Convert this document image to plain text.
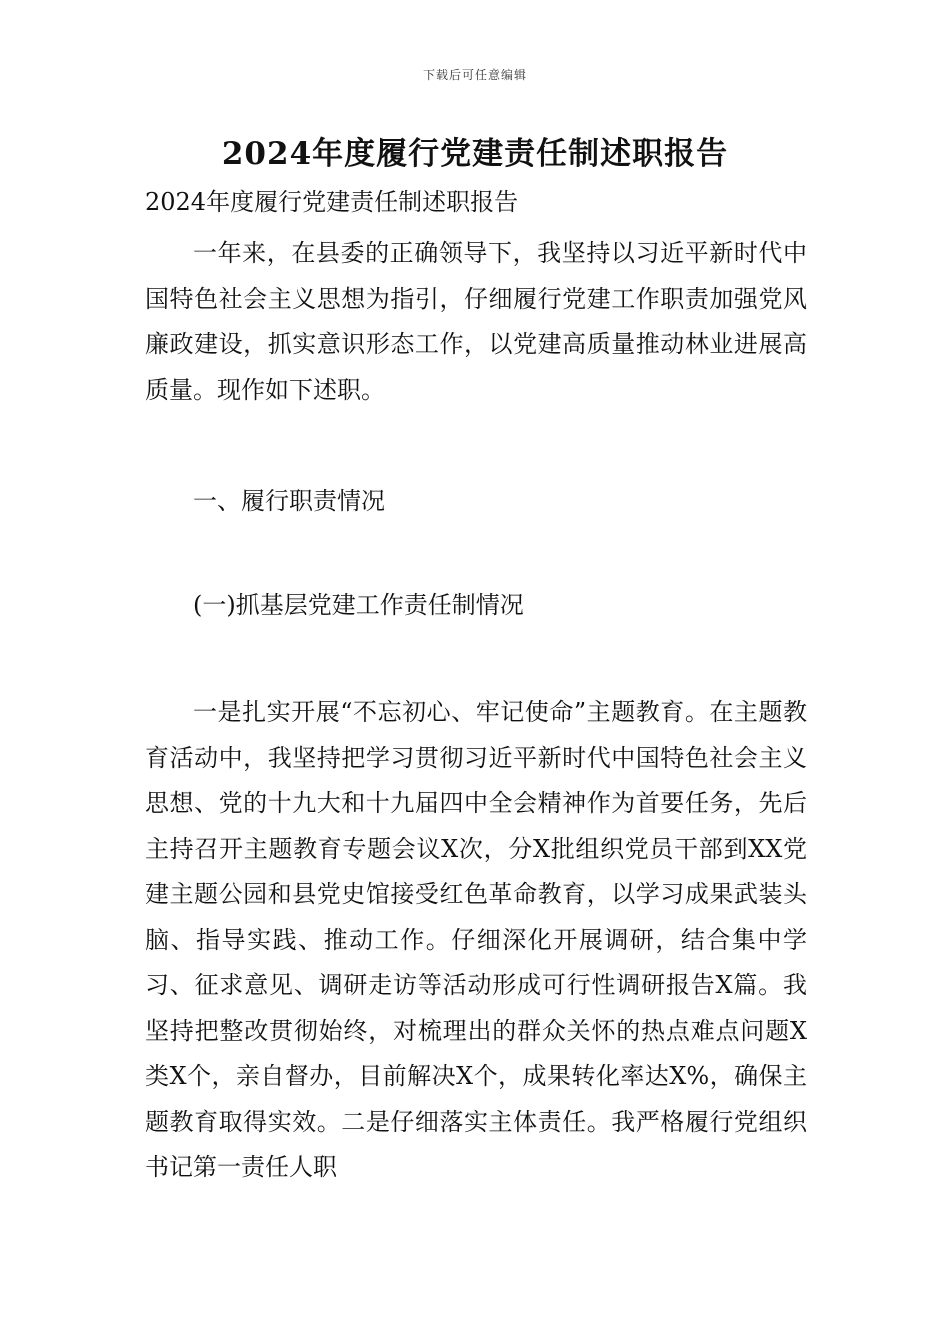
下载后可任意编辑
2024年度履行党建责任制述职报告

2024年度履行党建责任制述职报告

一年来，在县委的正确领导下，我坚持以习近平新时代中国特色社会主义思想为指引，仔细履行党建工作职责加强党风廉政建设，抓实意识形态工作，以党建高质量推动林业进展高质量。现作如下述职。

一、履行职责情况

(一)抓基层党建工作责任制情况

一是扎实开展“不忘初心、牢记使命”主题教育。在主题教育活动中，我坚持把学习贯彻习近平新时代中国特色社会主义思想、党的十九大和十九届四中全会精神作为首要任务，先后主持召开主题教育专题会议X次，分X批组织党员干部到XX党建主题公园和县党史馆接受红色革命教育，以学习成果武装头脑、指导实践、推动工作。仔细深化开展调研，结合集中学习、征求意见、调研走访等活动形成可行性调研报告X篇。我坚持把整改贯彻始终，对梳理出的群众关怀的热点难点问题X类X个，亲自督办，目前解决X个，成果转化率达X%，确保主题教育取得实效。二是仔细落实主体责任。我严格履行党组织书记第一责任人职
